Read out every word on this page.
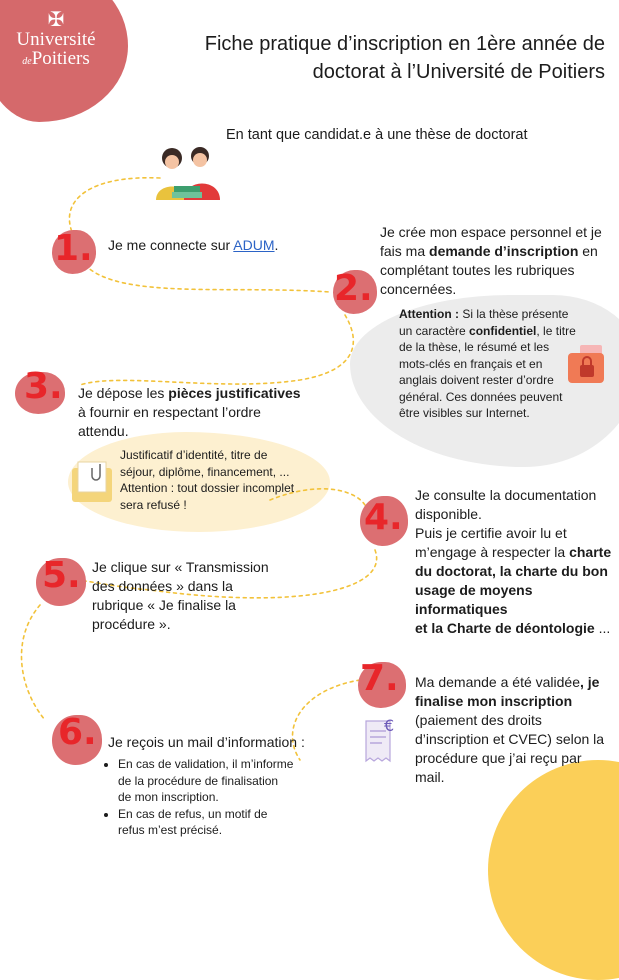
✠
Université
dePoitiers
Fiche pratique d’inscription en 1ère année de
doctorat à l’Université de Poitiers
En tant que candidat.e à une thèse de doctorat
1. Je me connecte sur ADUM.
Je crée mon espace personnel et je
fais ma demande d’inscription en
complétant toutes les rubriques
concernées.
2.
Attention : Si la thèse présente
un caractère confidentiel, le titre
de la thèse, le résumé et les
mots-clés en français et en
anglais doivent rester d’ordre
général. Ces données peuvent
être visibles sur Internet.
3. Je dépose les pièces justificatives
à fournir en respectant l’ordre
attendu.
Justificatif d’identité, titre de
séjour, diplôme, financement, ...
Attention : tout dossier incomplet
sera refusé !
Je consulte la documentation
disponible.
Puis je certifie avoir lu et
m’engage à respecter la charte
du doctorat, la charte du bon
usage de moyens informatiques
et la Charte de déontologie ...
4.
5. Je clique sur « Transmission
des données » dans la
rubrique « Je finalise la
procédure ».
6. Je reçois un mail d’information :
• En cas de validation, il m’informe
de la procédure de finalisation
de mon inscription.
• En cas de refus, un motif de
refus m’est précisé.
7. Ma demande a été validée, je
finalise mon inscription
(paiement des droits
d’inscription et CVEC) selon la
procédure que j’ai reçu par
mail.
€
